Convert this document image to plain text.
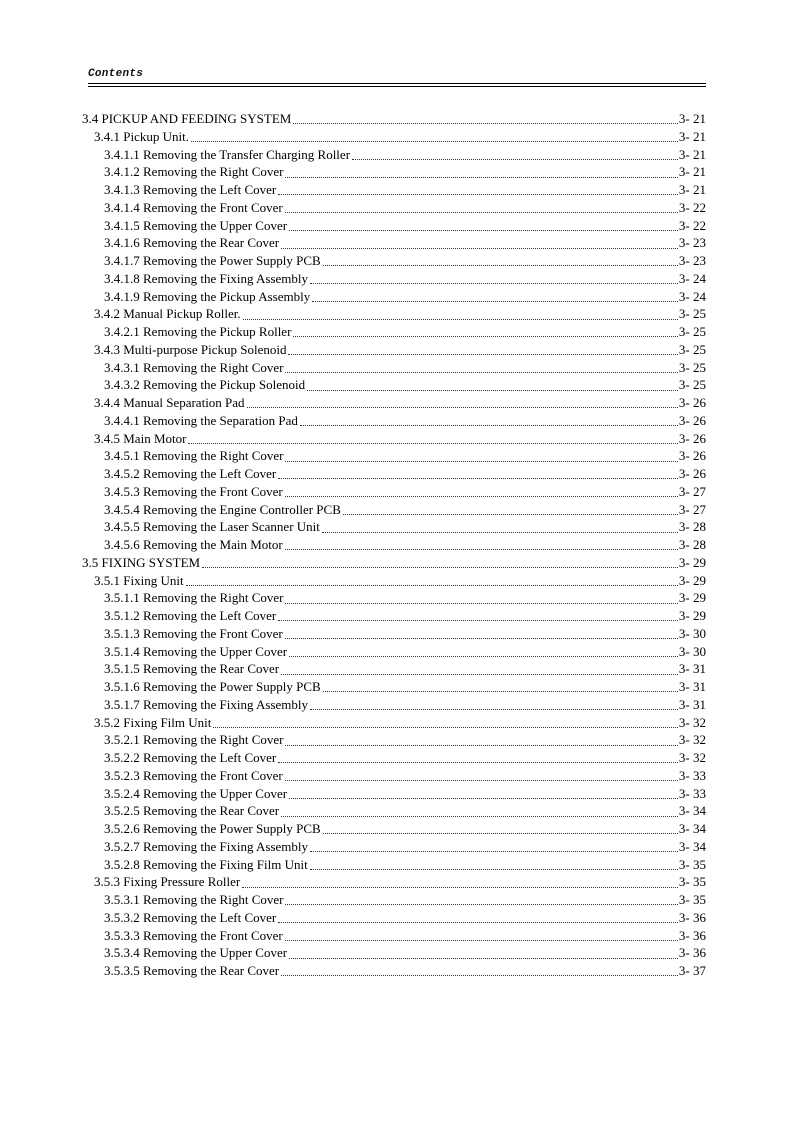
Contents
3.4 PICKUP AND FEEDING SYSTEM	3- 21
3.4.1 Pickup Unit.	3- 21
3.4.1.1 Removing the Transfer Charging Roller	3- 21
3.4.1.2 Removing the Right Cover	3- 21
3.4.1.3 Removing the Left Cover	3- 21
3.4.1.4 Removing the Front Cover	3- 22
3.4.1.5 Removing the Upper Cover	3- 22
3.4.1.6 Removing the Rear Cover	3- 23
3.4.1.7 Removing the Power Supply PCB	3- 23
3.4.1.8 Removing the Fixing Assembly	3- 24
3.4.1.9 Removing the Pickup Assembly	3- 24
3.4.2 Manual Pickup Roller.	3- 25
3.4.2.1 Removing the Pickup Roller	3- 25
3.4.3 Multi-purpose Pickup Solenoid	3- 25
3.4.3.1 Removing the Right Cover	3- 25
3.4.3.2 Removing the Pickup Solenoid	3- 25
3.4.4 Manual Separation Pad	3- 26
3.4.4.1 Removing the Separation Pad	3- 26
3.4.5 Main Motor	3- 26
3.4.5.1 Removing the Right Cover	3- 26
3.4.5.2 Removing the Left Cover	3- 26
3.4.5.3 Removing the Front Cover	3- 27
3.4.5.4 Removing the Engine Controller PCB	3- 27
3.4.5.5 Removing the Laser Scanner Unit	3- 28
3.4.5.6 Removing the Main Motor	3- 28
3.5 FIXING SYSTEM	3- 29
3.5.1 Fixing Unit	3- 29
3.5.1.1 Removing the Right Cover	3- 29
3.5.1.2 Removing the Left Cover	3- 29
3.5.1.3 Removing the Front Cover	3- 30
3.5.1.4 Removing the Upper Cover	3- 30
3.5.1.5 Removing the Rear Cover	3- 31
3.5.1.6 Removing the Power Supply PCB	3- 31
3.5.1.7 Removing the Fixing Assembly	3- 31
3.5.2 Fixing Film Unit	3- 32
3.5.2.1 Removing the Right Cover	3- 32
3.5.2.2 Removing the Left Cover	3- 32
3.5.2.3 Removing the Front Cover	3- 33
3.5.2.4 Removing the Upper Cover	3- 33
3.5.2.5 Removing the Rear Cover	3- 34
3.5.2.6 Removing the Power Supply PCB	3- 34
3.5.2.7 Removing the Fixing Assembly	3- 34
3.5.2.8 Removing the Fixing Film Unit	3- 35
3.5.3 Fixing Pressure Roller	3- 35
3.5.3.1 Removing the Right Cover	3- 35
3.5.3.2 Removing the Left Cover	3- 36
3.5.3.3 Removing the Front Cover	3- 36
3.5.3.4 Removing the Upper Cover	3- 36
3.5.3.5 Removing the Rear Cover	3- 37
